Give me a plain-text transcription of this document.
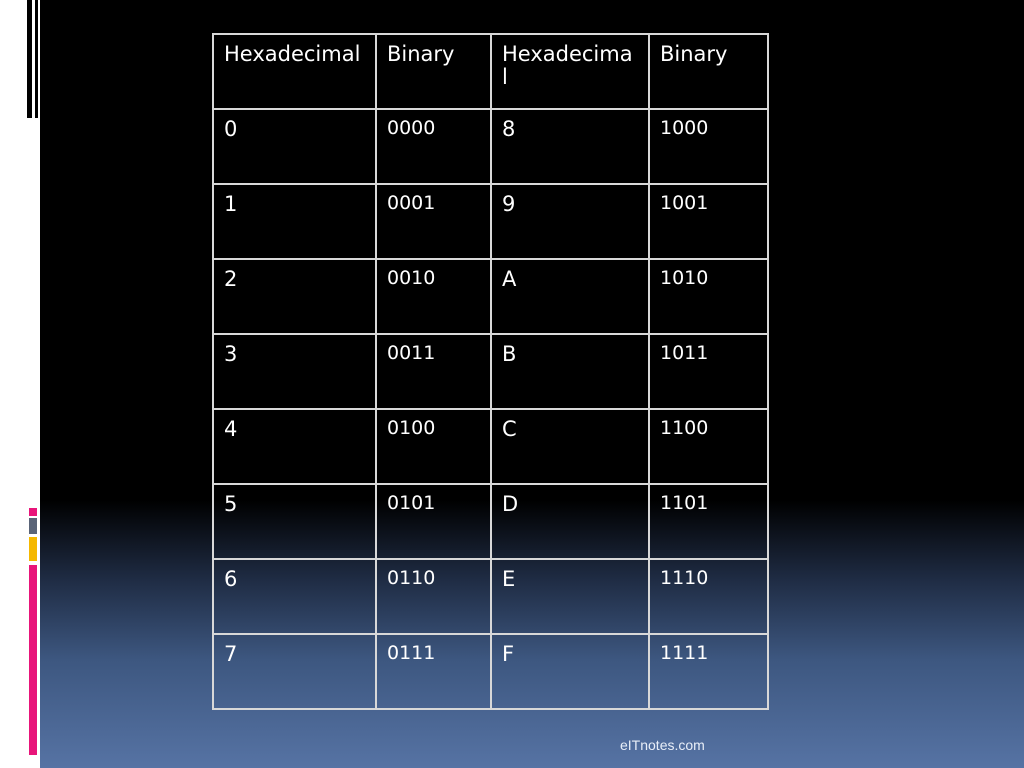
Hexadecimal	Binary	Hexadecima l	Binary
0	0000	8	1000
1	0001	9	1001
2	0010	A	1010
3	0011	B	1011
4	0100	C	1100
5	0101	D	1101
6	0110	E	1110
7	0111	F	1111
eITnotes.com
